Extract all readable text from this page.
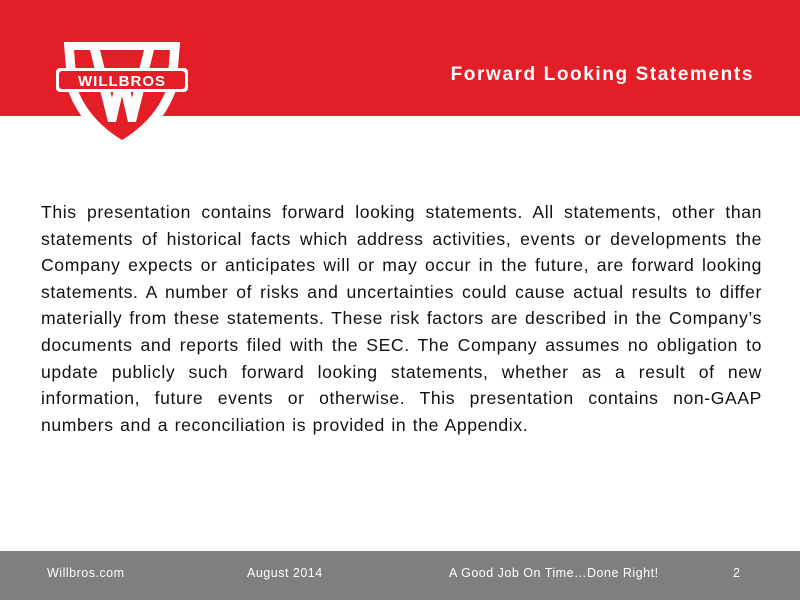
WILLBROS	Forward Looking Statements

This presentation contains forward looking statements. All statements, other than statements of historical facts which address activities, events or developments the Company expects or anticipates will or may occur in the future, are forward looking statements. A number of risks and uncertainties could cause actual results to differ materially from these statements. These risk factors are described in the Company’s documents and reports filed with the SEC. The Company assumes no obligation to update publicly such forward looking statements, whether as a result of new information, future events or otherwise. This presentation contains non-GAAP numbers and a reconciliation is provided in the Appendix.

Willbros.com	August 2014	A Good Job On Time…Done Right!	2
